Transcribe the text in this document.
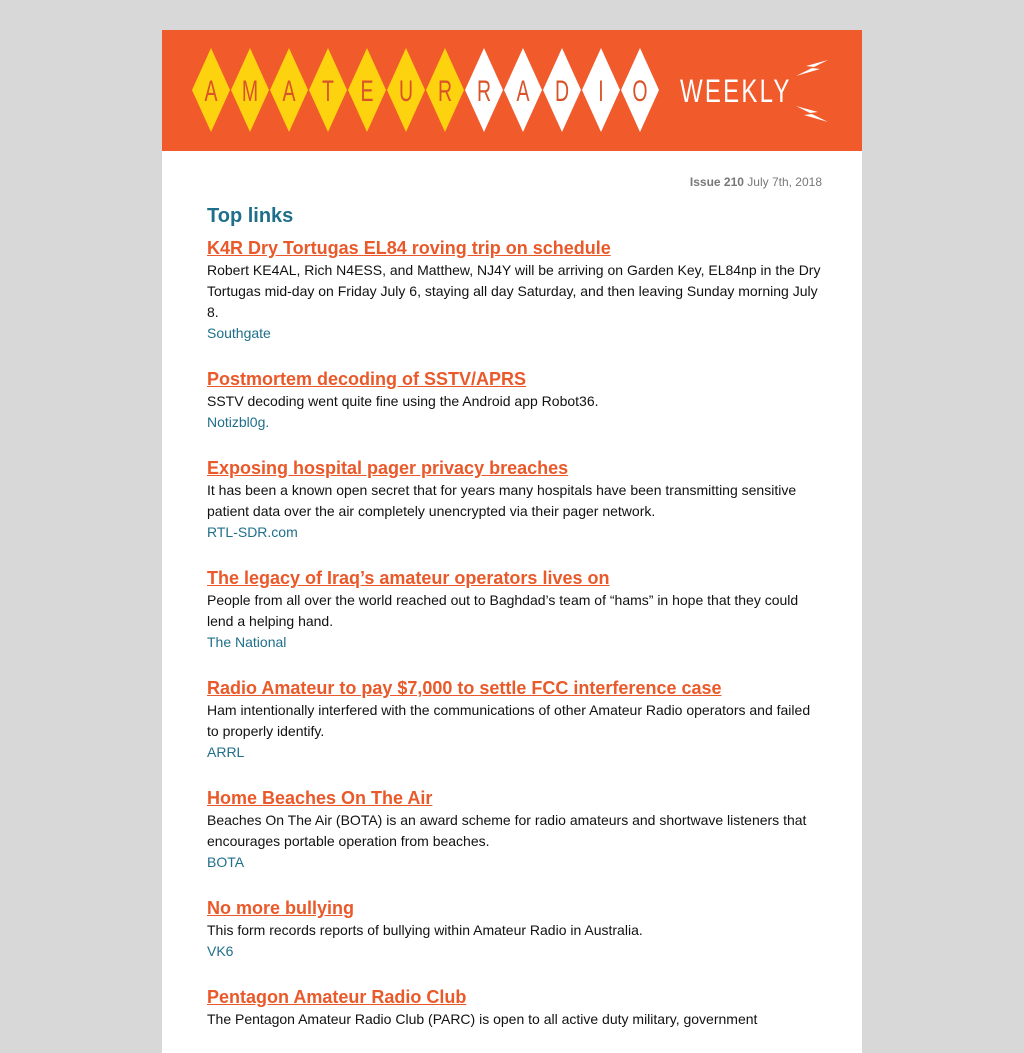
A M A T E U R R A D I O WEEKLY
Issue 210 July 7th, 2018
Top links
K4R Dry Tortugas EL84 roving trip on schedule

Robert KE4AL, Rich N4ESS, and Matthew, NJ4Y will be arriving on Garden Key, EL84np in the Dry Tortugas mid-day on Friday July 6, staying all day Saturday, and then leaving Sunday morning July 8.

Southgate
Postmortem decoding of SSTV/APRS

SSTV decoding went quite fine using the Android app Robot36.

Notizbl0g.
Exposing hospital pager privacy breaches

It has been a known open secret that for years many hospitals have been transmitting sensitive patient data over the air completely unencrypted via their pager network.

RTL-SDR.com
The legacy of Iraq’s amateur operators lives on

People from all over the world reached out to Baghdad’s team of “hams” in hope that they could lend a helping hand.

The National
Radio Amateur to pay $7,000 to settle FCC interference case

Ham intentionally interfered with the communications of other Amateur Radio operators and failed to properly identify.

ARRL
Home Beaches On The Air

Beaches On The Air (BOTA) is an award scheme for radio amateurs and shortwave listeners that encourages portable operation from beaches.

BOTA
No more bullying

This form records reports of bullying within Amateur Radio in Australia.

VK6
Pentagon Amateur Radio Club

The Pentagon Amateur Radio Club (PARC) is open to all active duty military, government
